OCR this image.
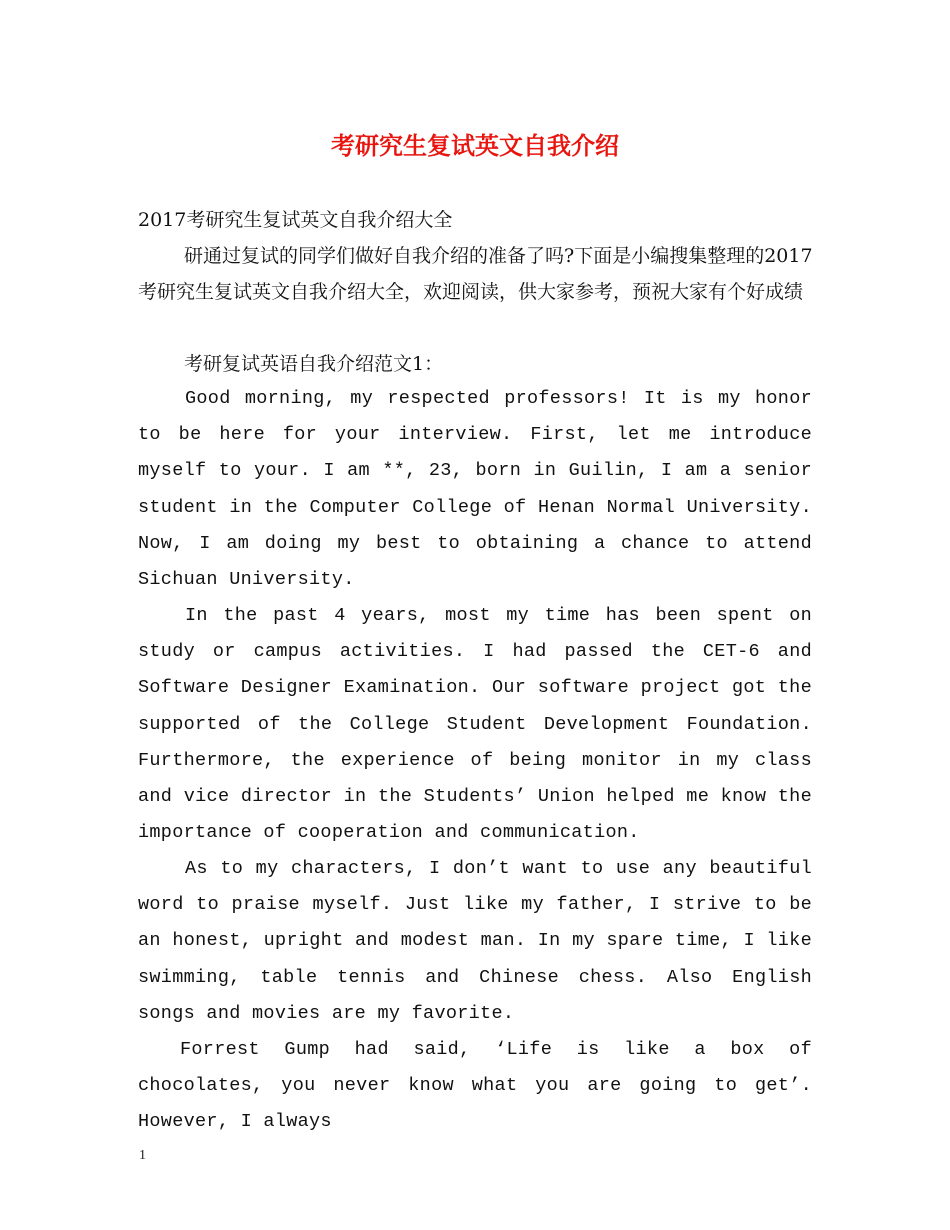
考研究生复试英文自我介绍

2017考研究生复试英文自我介绍大全

研通过复试的同学们做好自我介绍的准备了吗?下面是小编搜集整理的2017考研究生复试英文自我介绍大全，欢迎阅读，供大家参考，预祝大家有个好成绩

考研复试英语自我介绍范文1：

Good morning, my respected professors! It is my honor to be here for your interview. First, let me introduce myself to your. I am **, 23, born in Guilin, I am a senior student in the Computer College of Henan Normal University. Now, I am doing my best to obtaining a chance to attend Sichuan University.

In the past 4 years, most my time has been spent on study or campus activities. I had passed the CET-6 and Software Designer Examination. Our software project got the supported of the College Student Development Foundation. Furthermore, the experience of being monitor in my class and vice director in the Students’ Union helped me know the importance of cooperation and communication.

As to my characters, I don’t want to use any beautiful word to praise myself. Just like my father, I strive to be an honest, upright and modest man. In my spare time, I like swimming, table tennis and Chinese chess. Also English songs and movies are my favorite.

Forrest Gump had said, ‘Life is like a box of chocolates, you never know what you are going to get’. However, I always

1
